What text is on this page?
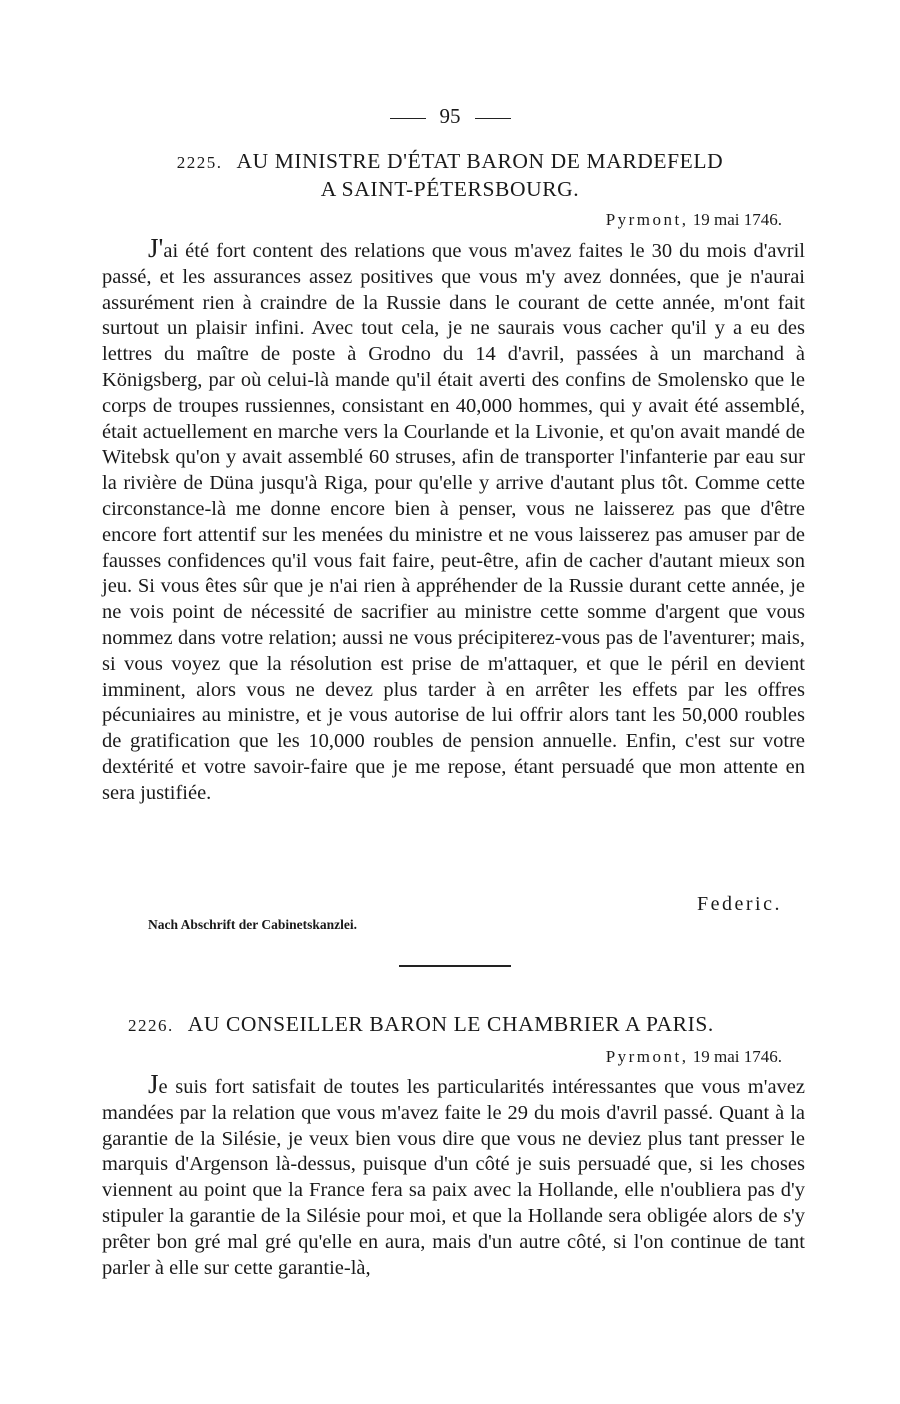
95
2225. AU MINISTRE D'ÉTAT BARON DE MARDEFELD
A SAINT-PÉTERSBOURG.
Pyrmont, 19 mai 1746.

J'ai été fort content des relations que vous m'avez faites le 30 du mois d'avril passé, et les assurances assez positives que vous m'y avez données, que je n'aurai assurément rien à craindre de la Russie dans le courant de cette année, m'ont fait surtout un plaisir infini. Avec tout cela, je ne saurais vous cacher qu'il y a eu des lettres du maître de poste à Grodno du 14 d'avril, passées à un marchand à Königsberg, par où celui-là mande qu'il était averti des confins de Smolensko que le corps de troupes russiennes, consistant en 40,000 hommes, qui y avait été assemblé, était actuellement en marche vers la Courlande et la Livonie, et qu'on avait mandé de Witebsk qu'on y avait assemblé 60 struses, afin de transporter l'infanterie par eau sur la rivière de Düna jusqu'à Riga, pour qu'elle y arrive d'autant plus tôt. Comme cette circonstance-là me donne encore bien à penser, vous ne laisserez pas que d'être encore fort attentif sur les menées du ministre et ne vous laisserez pas amuser par de fausses confidences qu'il vous fait faire, peut-être, afin de cacher d'autant mieux son jeu. Si vous êtes sûr que je n'ai rien à appréhender de la Russie durant cette année, je ne vois point de nécessité de sacrifier au ministre cette somme d'argent que vous nommez dans votre relation; aussi ne vous précipiterez-vous pas de l'aventurer; mais, si vous voyez que la résolution est prise de m'attaquer, et que le péril en devient imminent, alors vous ne devez plus tarder à en arrêter les effets par les offres pécuniaires au ministre, et je vous autorise de lui offrir alors tant les 50,000 roubles de gratification que les 10,000 roubles de pension annuelle. Enfin, c'est sur votre dextérité et votre savoir-faire que je me repose, étant persuadé que mon attente en sera justifiée.

Federic.
Nach Abschrift der Cabinetskanzlei.
2226. AU CONSEILLER BARON LE CHAMBRIER A PARIS.
Pyrmont, 19 mai 1746.

Je suis fort satisfait de toutes les particularités intéressantes que vous m'avez mandées par la relation que vous m'avez faite le 29 du mois d'avril passé. Quant à la garantie de la Silésie, je veux bien vous dire que vous ne deviez plus tant presser le marquis d'Argenson là-dessus, puisque d'un côté je suis persuadé que, si les choses viennent au point que la France fera sa paix avec la Hollande, elle n'oubliera pas d'y stipuler la garantie de la Silésie pour moi, et que la Hollande sera obligée alors de s'y prêter bon gré mal gré qu'elle en aura, mais d'un autre côté, si l'on continue de tant parler à elle sur cette garantie-là,
